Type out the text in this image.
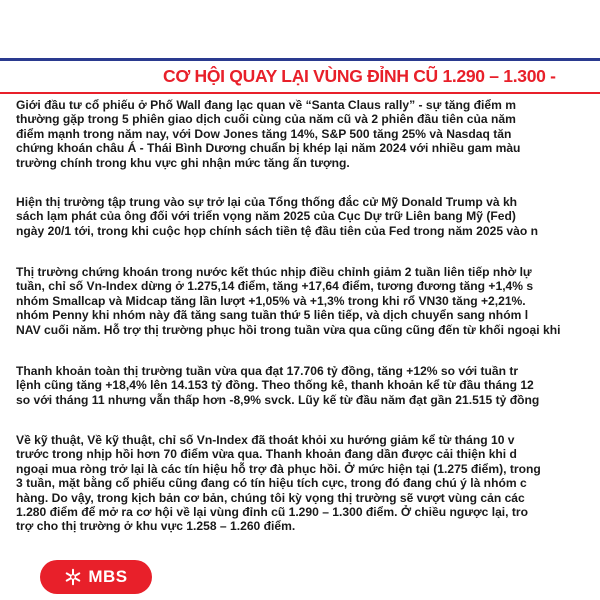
CƠ HỘI QUAY LẠI VÙNG ĐỈNH CŨ 1.290 – 1.300 -

Giới đầu tư cổ phiếu ở Phố Wall đang lạc quan về “Santa Claus rally” - sự tăng điểm m
thường gặp trong 5 phiên giao dịch cuối cùng của năm cũ và 2 phiên đầu tiên của năm
điểm mạnh trong năm nay, với Dow Jones tăng 14%, S&P 500 tăng 25% và Nasdaq tăn
chứng khoán châu Á - Thái Bình Dương chuẩn bị khép lại năm 2024 với nhiều gam màu
trường chính trong khu vực ghi nhận mức tăng ấn tượng.

Hiện thị trường tập trung vào sự trở lại của Tổng thống đắc cử Mỹ Donald Trump và kh
sách lạm phát của ông đối với triển vọng năm 2025 của Cục Dự trữ Liên bang Mỹ (Fed)
ngày 20/1 tới, trong khi cuộc họp chính sách tiền tệ đầu tiên của Fed trong năm 2025 vào n

Thị trường chứng khoán trong nước kết thúc nhịp điều chỉnh giảm 2 tuần liên tiếp nhờ lự
tuần, chỉ số Vn-Index dừng ở 1.275,14 điểm, tăng +17,64 điểm, tương đương tăng +1,4% s
nhóm Smallcap và Midcap tăng lần lượt +1,05% và +1,3% trong khi rổ VN30 tăng +2,21%.
nhóm Penny khi nhóm này đã tăng sang tuần thứ 5 liên tiếp, và dịch chuyển sang nhóm l
NAV cuối năm. Hỗ trợ thị trường phục hồi trong tuần vừa qua cũng cũng đến từ khối ngoại khi

Thanh khoản toàn thị trường tuần vừa qua đạt 17.706 tỷ đồng, tăng +12% so với tuần tr
lệnh cũng tăng +18,4% lên 14.153 tỷ đồng. Theo thống kê, thanh khoản kể từ đầu tháng 12
so với tháng 11 nhưng vẫn thấp hơn -8,9% svck. Lũy kế từ đầu năm đạt gần 21.515 tỷ đồng

Về kỹ thuật, Về kỹ thuật, chỉ số Vn-Index đã thoát khỏi xu hướng giảm kể từ tháng 10 v
trước trong nhịp hồi hơn 70 điểm vừa qua. Thanh khoản đang dần được cải thiện khi d
ngoại mua ròng trở lại là các tín hiệu hỗ trợ đà phục hồi. Ở mức hiện tại (1.275 điểm), trong
3 tuần, mặt bằng cổ phiếu cũng đang có tín hiệu tích cực, trong đó đang chú ý là nhóm c
hàng. Do vậy, trong kịch bản cơ bản, chúng tôi kỳ vọng thị trường sẽ vượt vùng cản các
1.280 điểm để mở ra cơ hội về lại vùng đỉnh cũ 1.290 – 1.300 điểm. Ở chiều ngược lại, tro
trợ cho thị trường ở khu vực 1.258 – 1.260 điểm.

MBS
